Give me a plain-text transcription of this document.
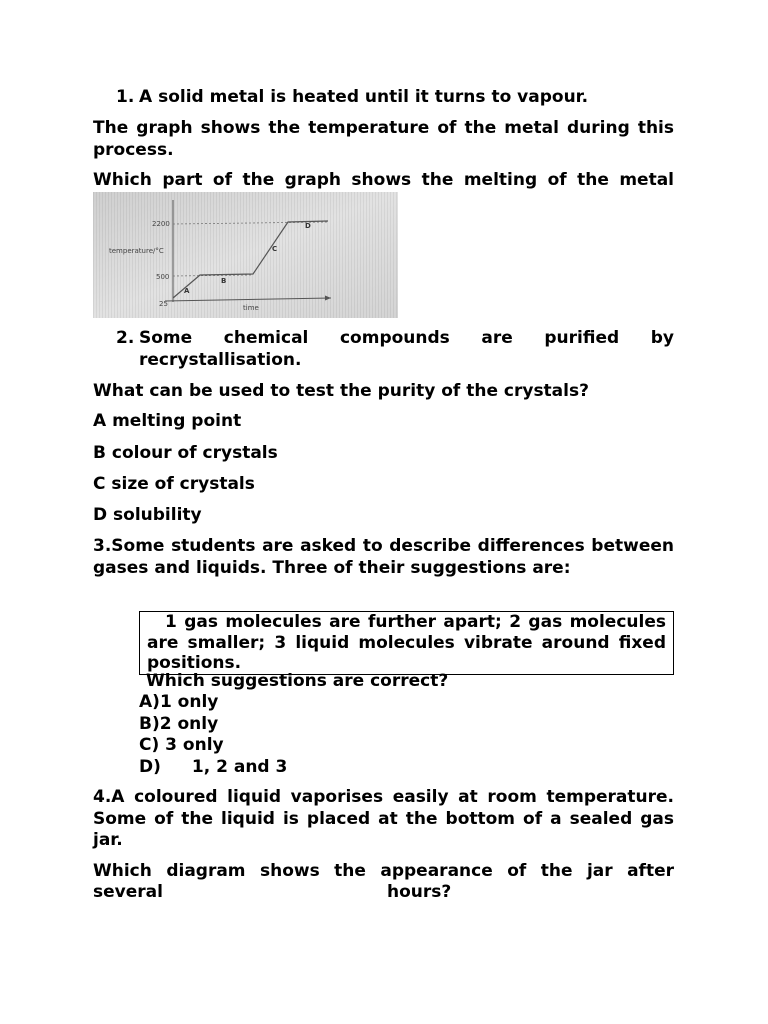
1. A solid metal is heated until it turns to vapour.
The graph shows the temperature of the metal during this process.
Which part of the graph shows the melting of the metal
2200
500
25
temperature/°C
time
A
B
C
D
2. Some chemical compounds are purified by recrystallisation.
What can be used to test the purity of the crystals?
A melting point
B colour of crystals
C size of crystals
D solubility
3.Some students are asked to describe differences between gases and liquids. Three of their suggestions are:
1 gas molecules are further apart; 2 gas molecules are smaller; 3 liquid molecules vibrate around fixed positions.
Which suggestions are correct?
A)1 only
B)2 only
C) 3 only
D) 1, 2 and 3
4.A coloured liquid vaporises easily at room temperature. Some of the liquid is placed at the bottom of a sealed gas jar.
Which diagram shows the appearance of the jar after
several	hours?
